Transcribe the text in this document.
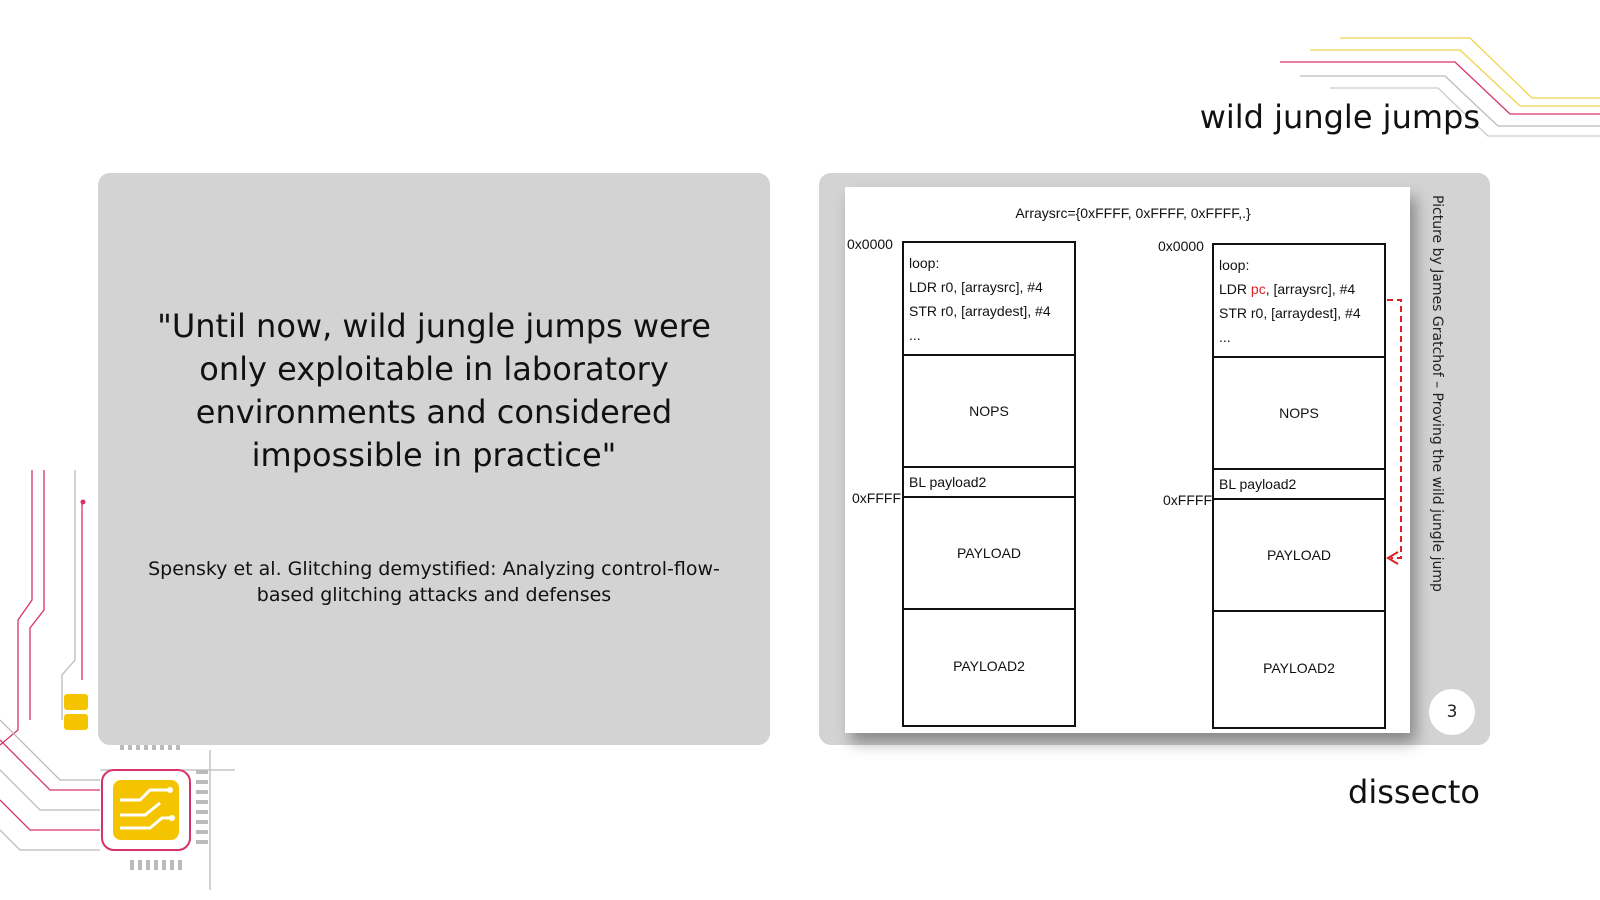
wild jungle jumps
"Until now, wild jungle jumps were only exploitable in laboratory environments and considered impossible in practice"
Spensky et al. Glitching demystified: Analyzing control-flow-based glitching attacks and defenses
Arraysrc={0xFFFF, 0xFFFF, 0xFFFF,.}
0x0000
0xFFFF
loop:
LDR r0, [arraysrc], #4
STR r0, [arraydest], #4
...
NOPS
BL payload2
PAYLOAD
PAYLOAD2
0x0000
0xFFFF
loop:
LDR pc, [arraysrc], #4
STR r0, [arraydest], #4
...
NOPS
BL payload2
PAYLOAD
PAYLOAD2
Picture by James Gratchof – Proving the wild jungle jump
3
dissecto
